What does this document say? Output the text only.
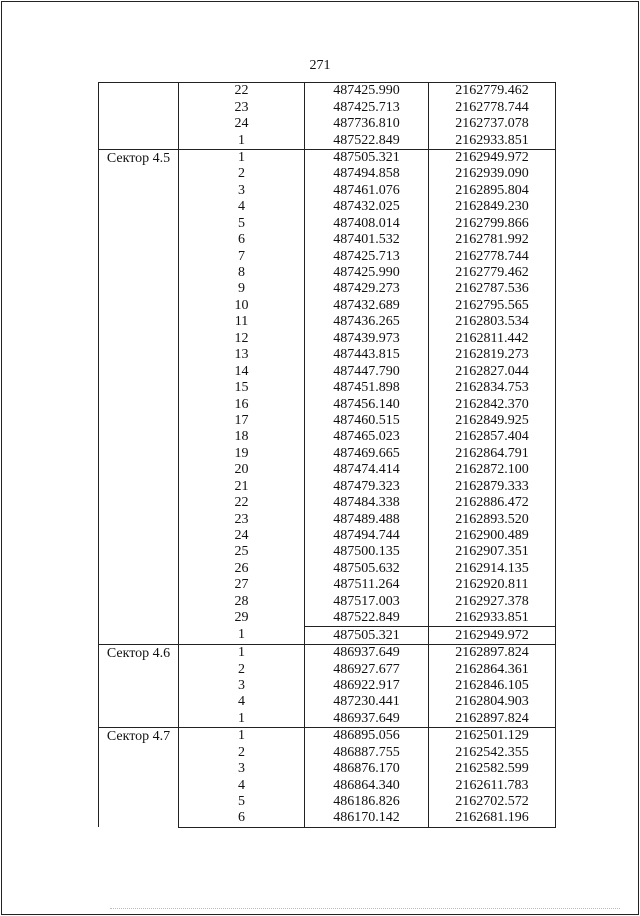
271
	22	487425.990	2162779.462
	23	487425.713	2162778.744
	24	487736.810	2162737.078
	1	487522.849	2162933.851
Сектор 4.5	1	487505.321	2162949.972
	2	487494.858	2162939.090
	3	487461.076	2162895.804
	4	487432.025	2162849.230
	5	487408.014	2162799.866
	6	487401.532	2162781.992
	7	487425.713	2162778.744
	8	487425.990	2162779.462
	9	487429.273	2162787.536
	10	487432.689	2162795.565
	11	487436.265	2162803.534
	12	487439.973	2162811.442
	13	487443.815	2162819.273
	14	487447.790	2162827.044
	15	487451.898	2162834.753
	16	487456.140	2162842.370
	17	487460.515	2162849.925
	18	487465.023	2162857.404
	19	487469.665	2162864.791
	20	487474.414	2162872.100
	21	487479.323	2162879.333
	22	487484.338	2162886.472
	23	487489.488	2162893.520
	24	487494.744	2162900.489
	25	487500.135	2162907.351
	26	487505.632	2162914.135
	27	487511.264	2162920.811
	28	487517.003	2162927.378
	29	487522.849	2162933.851
	1	487505.321	2162949.972
Сектор 4.6	1	486937.649	2162897.824
	2	486927.677	2162864.361
	3	486922.917	2162846.105
	4	487230.441	2162804.903
	1	486937.649	2162897.824
Сектор 4.7	1	486895.056	2162501.129
	2	486887.755	2162542.355
	3	486876.170	2162582.599
	4	486864.340	2162611.783
	5	486186.826	2162702.572
	6	486170.142	2162681.196
